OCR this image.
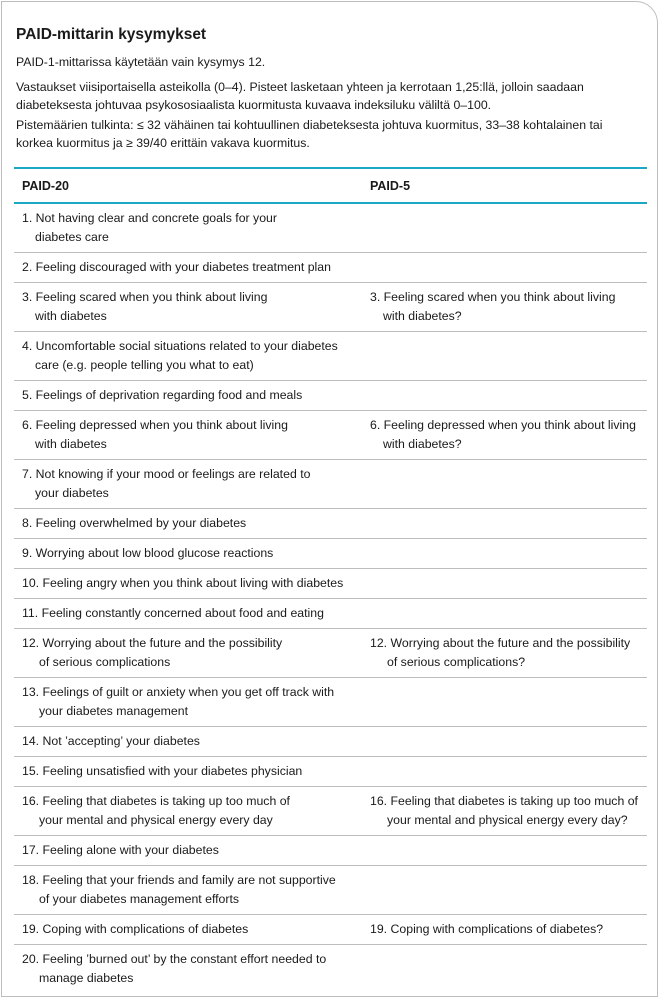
PAID-mittarin kysymykset
PAID-1-mittarissa käytetään vain kysymys 12.
Vastaukset viisiportaisella asteikolla (0–4). Pisteet lasketaan yhteen ja kerrotaan 1,25:llä, jolloin saadaan
diabeteksesta johtuvaa psykososiaalista kuormitusta kuvaava indeksiluku väliltä 0–100.
Pistemäärien tulkinta: ≤ 32 vähäinen tai kohtuullinen diabeteksesta johtuva kuormitus, 33–38 kohtalainen tai
korkea kuormitus ja ≥ 39/40 erittäin vakava kuormitus.
PAID-20	PAID-5
1. Not having clear and concrete goals for your
diabetes care
2. Feeling discouraged with your diabetes treatment plan
3. Feeling scared when you think about living
with diabetes
3. Feeling scared when you think about living
with diabetes?
4. Uncomfortable social situations related to your diabetes
care (e.g. people telling you what to eat)
5. Feelings of deprivation regarding food and meals
6. Feeling depressed when you think about living
with diabetes
6. Feeling depressed when you think about living
with diabetes?
7. Not knowing if your mood or feelings are related to
your diabetes
8. Feeling overwhelmed by your diabetes
9. Worrying about low blood glucose reactions
10. Feeling angry when you think about living with diabetes
11. Feeling constantly concerned about food and eating
12. Worrying about the future and the possibility
of serious complications
12. Worrying about the future and the possibility
of serious complications?
13. Feelings of guilt or anxiety when you get off track with
your diabetes management
14. Not ’accepting’ your diabetes
15. Feeling unsatisfied with your diabetes physician
16. Feeling that diabetes is taking up too much of
your mental and physical energy every day
16. Feeling that diabetes is taking up too much of
your mental and physical energy every day?
17. Feeling alone with your diabetes
18. Feeling that your friends and family are not supportive
of your diabetes management efforts
19. Coping with complications of diabetes	19. Coping with complications of diabetes?
20. Feeling ’burned out’ by the constant effort needed to
manage diabetes
